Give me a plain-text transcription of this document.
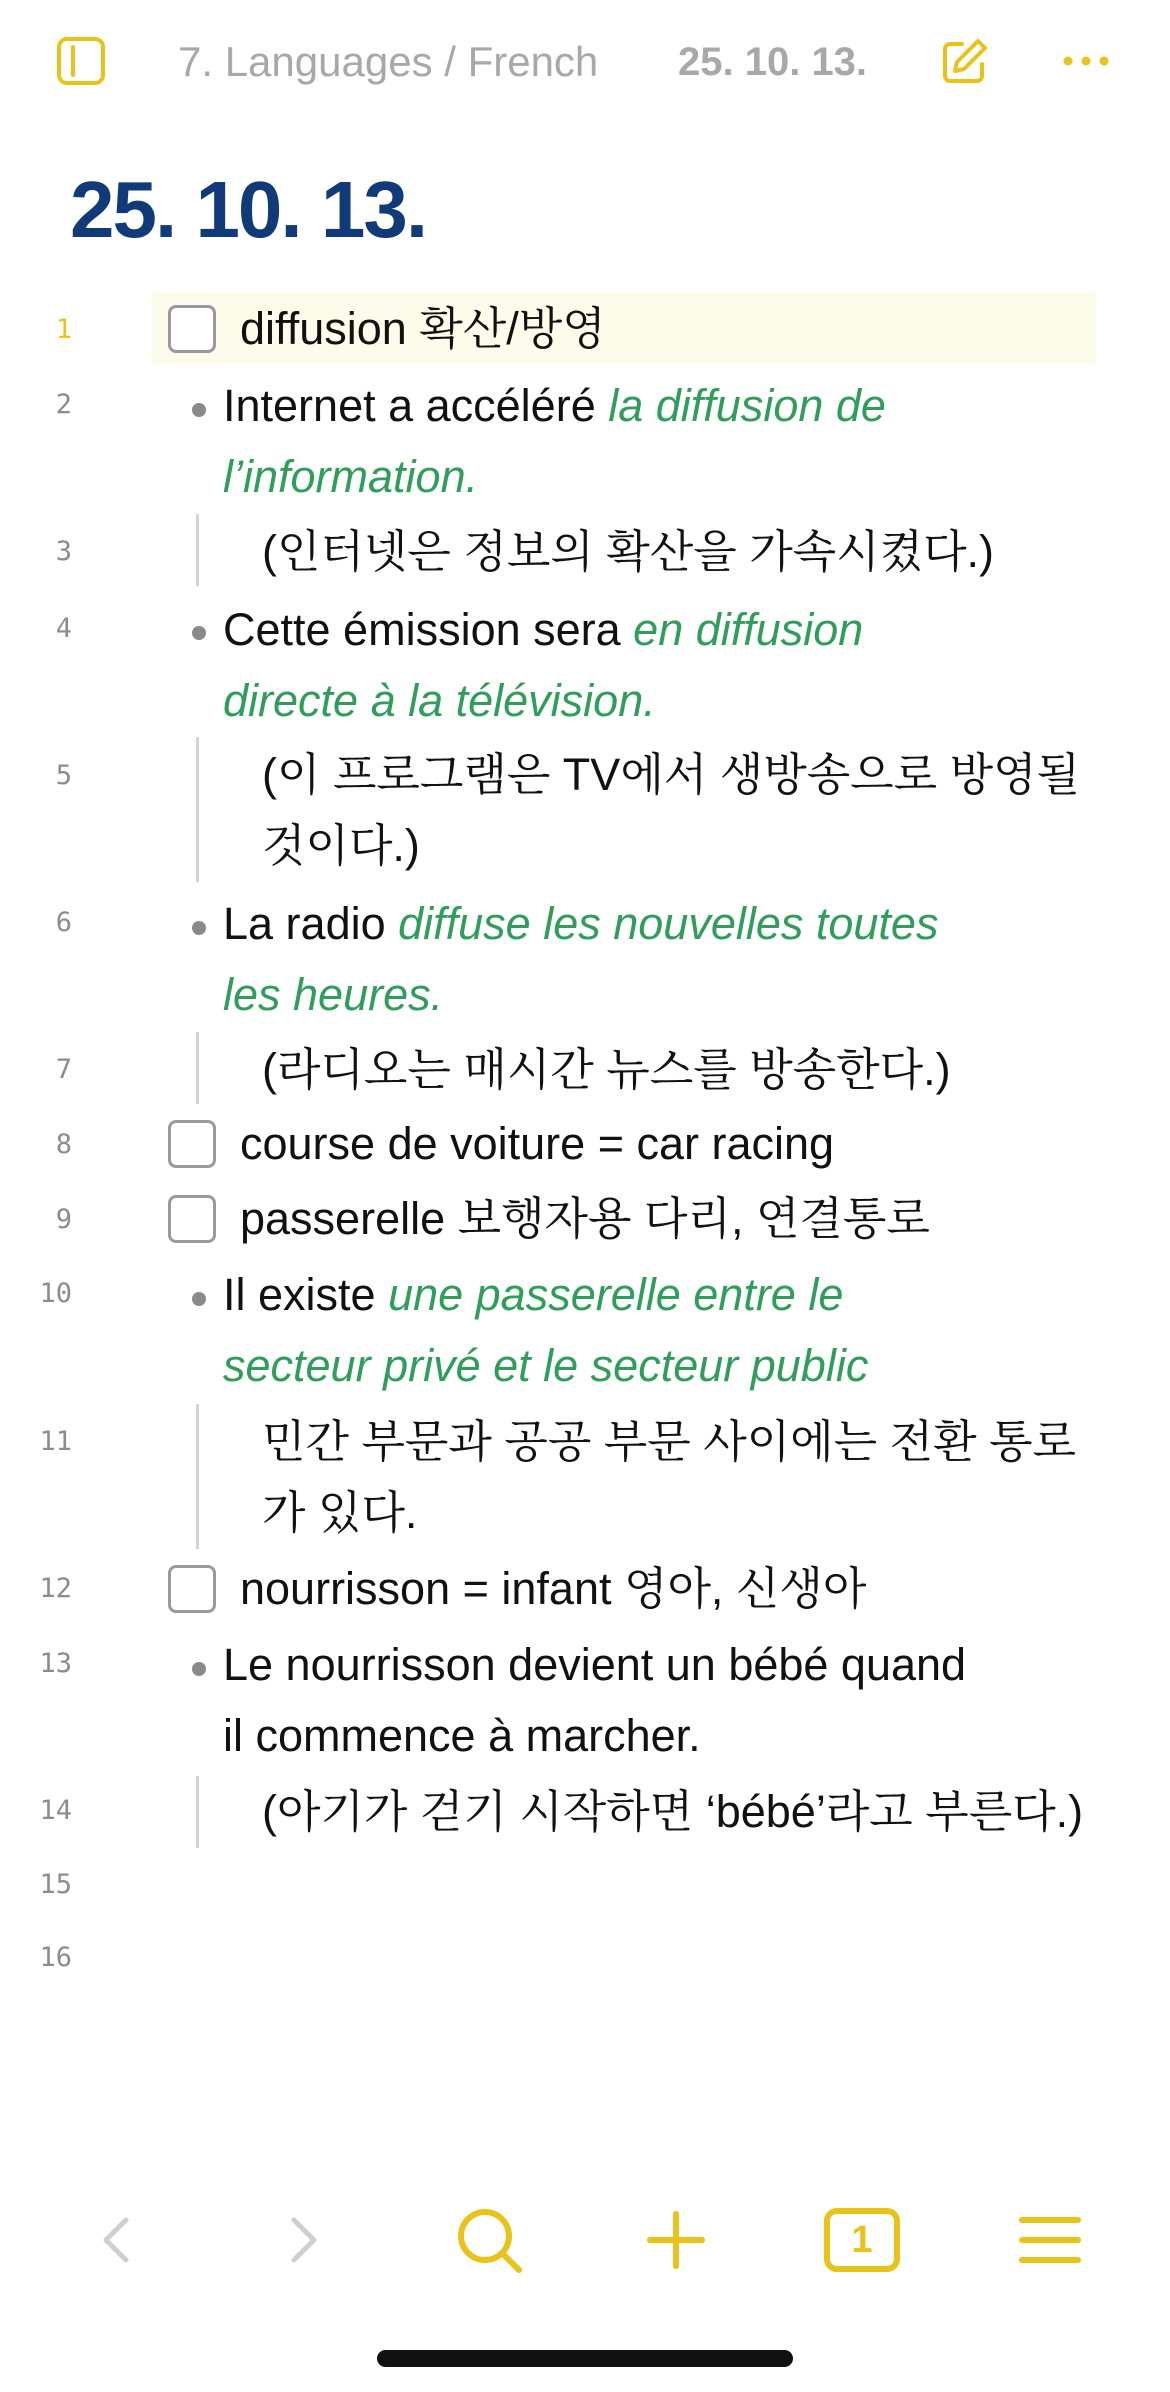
7. Languages / French	25. 10. 13.
25. 10. 13.
1	diffusion 확산/방영
2	Internet a accéléré la diffusion de
l’information.
3	(인터넷은 정보의 확산을 가속시켰다.)
4	Cette émission sera en diffusion
directe à la télévision.
5	(이 프로그램은 TV에서 생방송으로 방영될
것이다.)
6	La radio diffuse les nouvelles toutes
les heures.
7	(라디오는 매시간 뉴스를 방송한다.)
8	course de voiture = car racing
9	passerelle 보행자용 다리, 연결통로
10	Il existe une passerelle entre le
secteur privé et le secteur public
11	민간 부문과 공공 부문 사이에는 전환 통로
가 있다.
12	nourrisson = infant 영아, 신생아
13	Le nourrisson devient un bébé quand
il commence à marcher.
14	(아기가 걷기 시작하면 ‘bébé’라고 부른다.)
15
16
1
